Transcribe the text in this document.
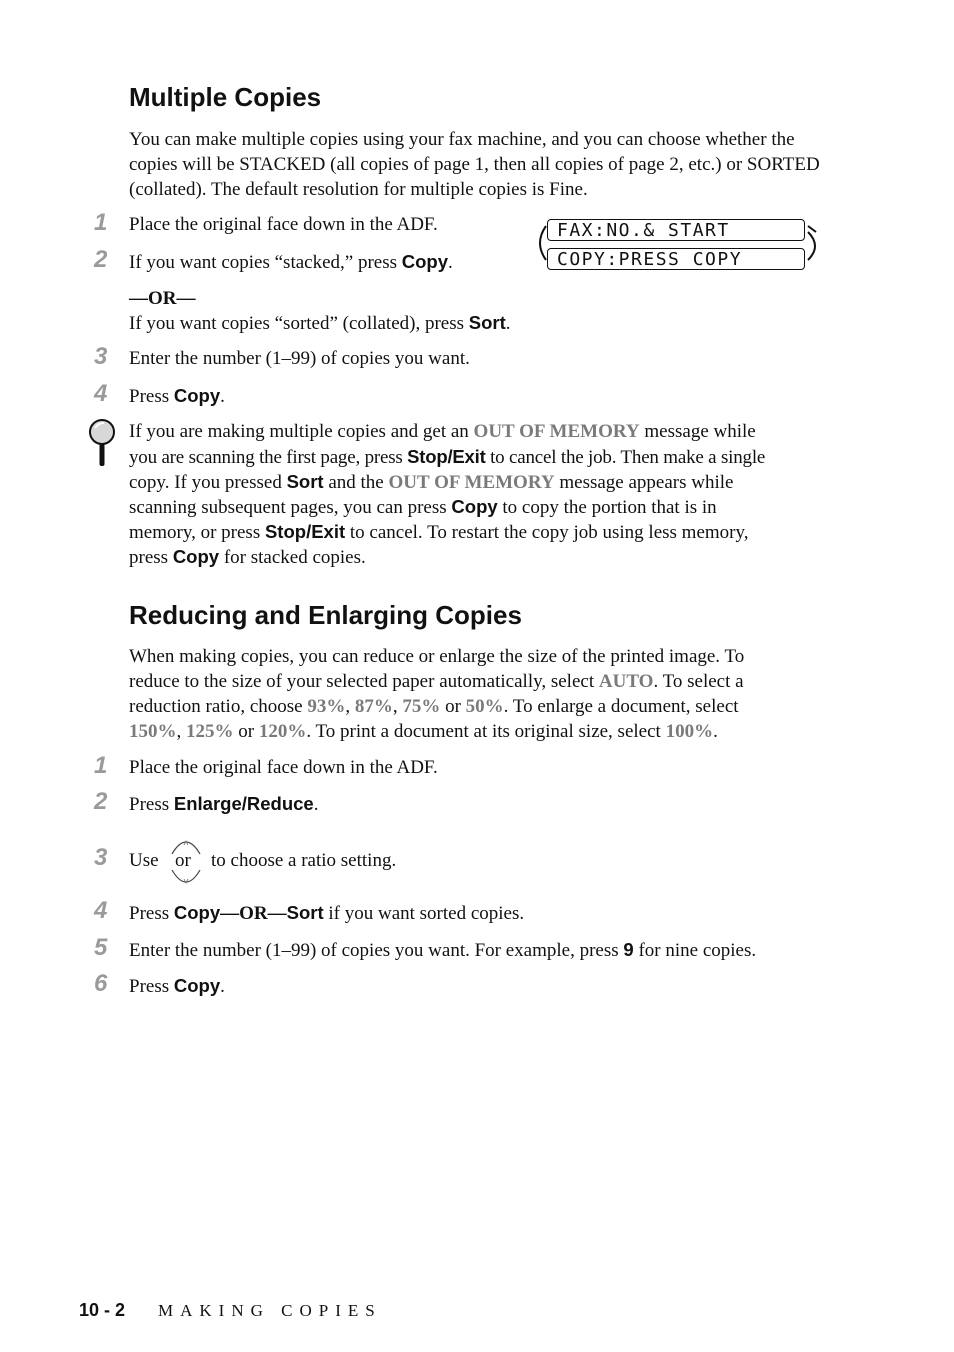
Multiple Copies
You can make multiple copies using your fax machine, and you can choose whether the copies will be STACKED (all copies of page 1, then all copies of page 2, etc.) or SORTED (collated). The default resolution for multiple copies is Fine.
1 Place the original face down in the ADF.
2 If you want copies “stacked,” press Copy.
—OR—
If you want copies “sorted” (collated), press Sort.
3 Enter the number (1–99) of copies you want.
4 Press Copy.
FAX:NO.& START
COPY:PRESS COPY
If you are making multiple copies and get an OUT OF MEMORY message while
you are scanning the first page, press Stop/Exit to cancel the job. Then make a single
copy. If you pressed Sort and the OUT OF MEMORY message appears while
scanning subsequent pages, you can press Copy to copy the portion that is in
memory, or press Stop/Exit to cancel. To restart the copy job using less memory,
press Copy for stacked copies.
Reducing and Enlarging Copies
When making copies, you can reduce or enlarge the size of the printed image. To
reduce to the size of your selected paper automatically, select AUTO. To select a
reduction ratio, choose 93%, 87%, 75% or 50%. To enlarge a document, select
150%, 125% or 120%. To print a document at its original size, select 100%.
1 Place the original face down in the ADF.
2 Press Enlarge/Reduce.
3 Use or to choose a ratio setting.
4 Press Copy—OR—Sort if you want sorted copies.
5 Enter the number (1–99) of copies you want. For example, press 9 for nine copies.
6 Press Copy.
10 - 2 MAKING COPIES
